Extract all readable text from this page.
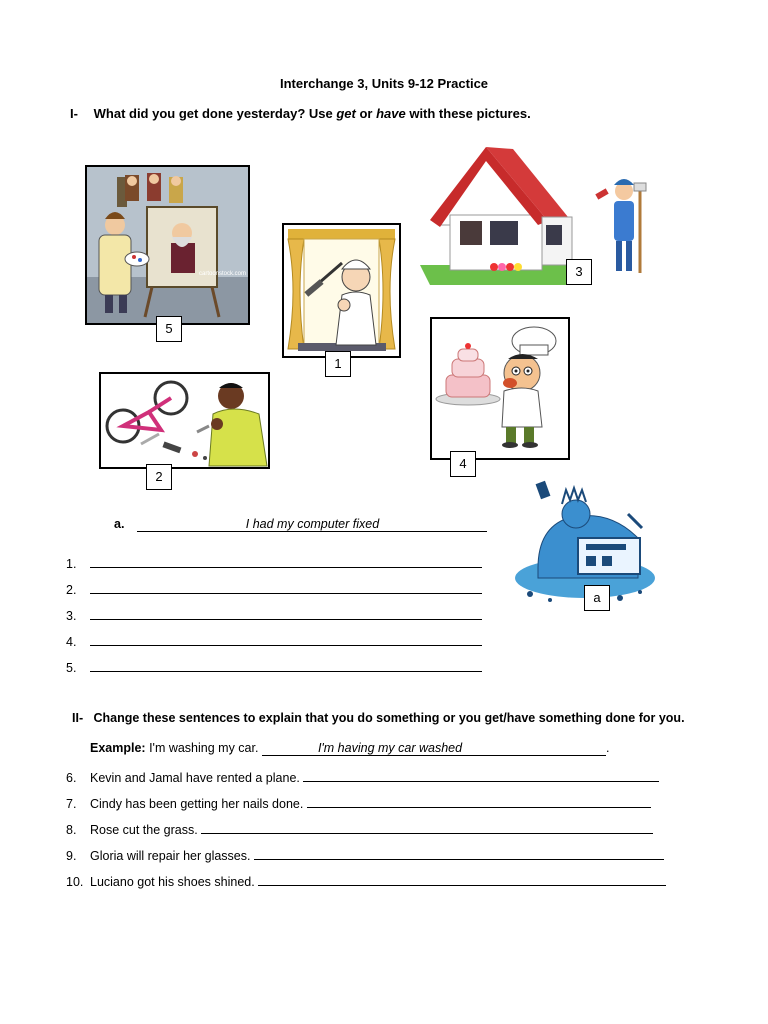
Interchange 3, Units 9-12 Practice
I- What did you get done yesterday? Use get or have with these pictures.
cartoonstock.com
5
1
3
4
2
a
a.	I had my computer fixed
1.
2.
3.
4.
5.
II- Change these sentences to explain that you do something or you get/have something done for you.
Example: I'm washing my car.	I'm having my car washed	.
6. Kevin and Jamal have rented a plane.
7. Cindy has been getting her nails done.
8. Rose cut the grass.
9. Gloria will repair her glasses.
10. Luciano got his shoes shined.
